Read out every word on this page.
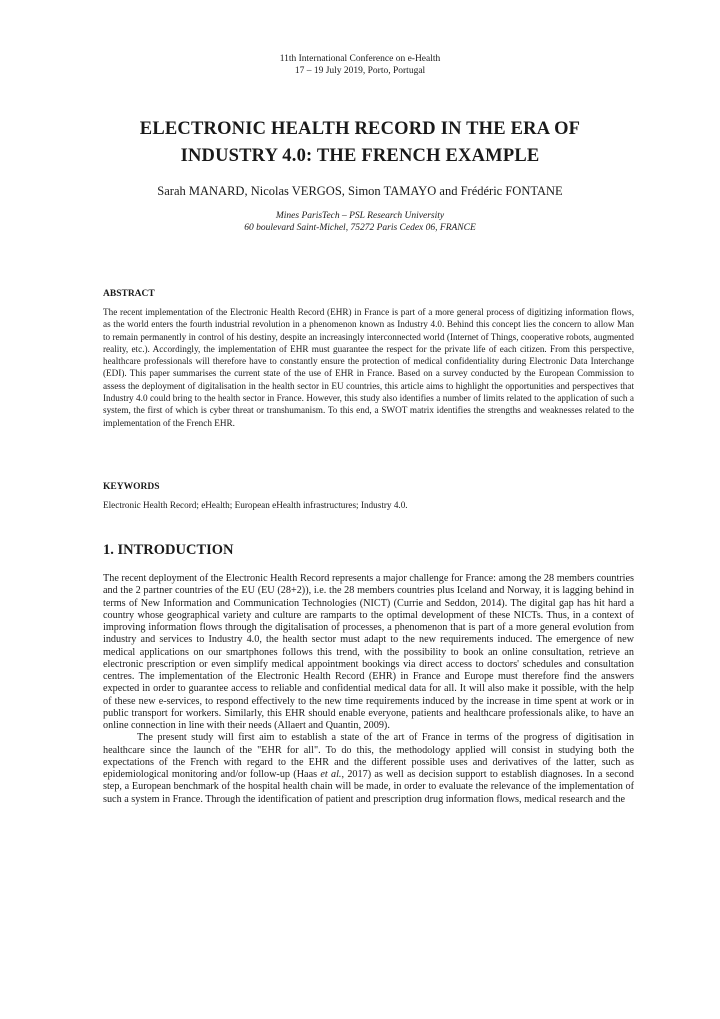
11th International Conference on e-Health
17 – 19 July 2019, Porto, Portugal
ELECTRONIC HEALTH RECORD IN THE ERA OF
INDUSTRY 4.0: THE FRENCH EXAMPLE
Sarah MANARD, Nicolas VERGOS, Simon TAMAYO and Frédéric FONTANE
Mines ParisTech – PSL Research University
60 boulevard Saint-Michel, 75272 Paris Cedex 06, FRANCE
ABSTRACT
The recent implementation of the Electronic Health Record (EHR) in France is part of a more general process of digitizing information flows, as the world enters the fourth industrial revolution in a phenomenon known as Industry 4.0. Behind this concept lies the concern to allow Man to remain permanently in control of his destiny, despite an increasingly interconnected world (Internet of Things, cooperative robots, augmented reality, etc.). Accordingly, the implementation of EHR must guarantee the respect for the private life of each citizen. From this perspective, healthcare professionals will therefore have to constantly ensure the protection of medical confidentiality during Electronic Data Interchange (EDI). This paper summarises the current state of the use of EHR in France. Based on a survey conducted by the European Commission to assess the deployment of digitalisation in the health sector in EU countries, this article aims to highlight the opportunities and perspectives that Industry 4.0 could bring to the health sector in France. However, this study also identifies a number of limits related to the application of such a system, the first of which is cyber threat or transhumanism. To this end, a SWOT matrix identifies the strengths and weaknesses related to the implementation of the French EHR.
KEYWORDS
Electronic Health Record; eHealth; European eHealth infrastructures; Industry 4.0.
1. INTRODUCTION

The recent deployment of the Electronic Health Record represents a major challenge for France: among the 28 members countries and the 2 partner countries of the EU (EU (28+2)), i.e. the 28 members countries plus Iceland and Norway, it is lagging behind in terms of New Information and Communication Technologies (NICT) (Currie and Seddon, 2014). The digital gap has hit hard a country whose geographical variety and culture are ramparts to the optimal development of these NICTs. Thus, in a context of improving information flows through the digitalisation of processes, a phenomenon that is part of a more general evolution from industry and services to Industry 4.0, the health sector must adapt to the new requirements induced. The emergence of new medical applications on our smartphones follows this trend, with the possibility to book an online consultation, retrieve an electronic prescription or even simplify medical appointment bookings via direct access to doctors' schedules and consultation centres. The implementation of the Electronic Health Record (EHR) in France and Europe must therefore find the answers expected in order to guarantee access to reliable and confidential medical data for all. It will also make it possible, with the help of these new e-services, to respond effectively to the new time requirements induced by the increase in time spent at work or in public transport for workers. Similarly, this EHR should enable everyone, patients and healthcare professionals alike, to have an online connection in line with their needs (Allaert and Quantin, 2009).

The present study will first aim to establish a state of the art of France in terms of the progress of digitisation in healthcare since the launch of the "EHR for all". To do this, the methodology applied will consist in studying both the expectations of the French with regard to the EHR and the different possible uses and derivatives of the latter, such as epidemiological monitoring and/or follow-up (Haas et al., 2017) as well as decision support to establish diagnoses. In a second step, a European benchmark of the hospital health chain will be made, in order to evaluate the relevance of the implementation of such a system in France. Through the identification of patient and prescription drug information flows, medical research and the
